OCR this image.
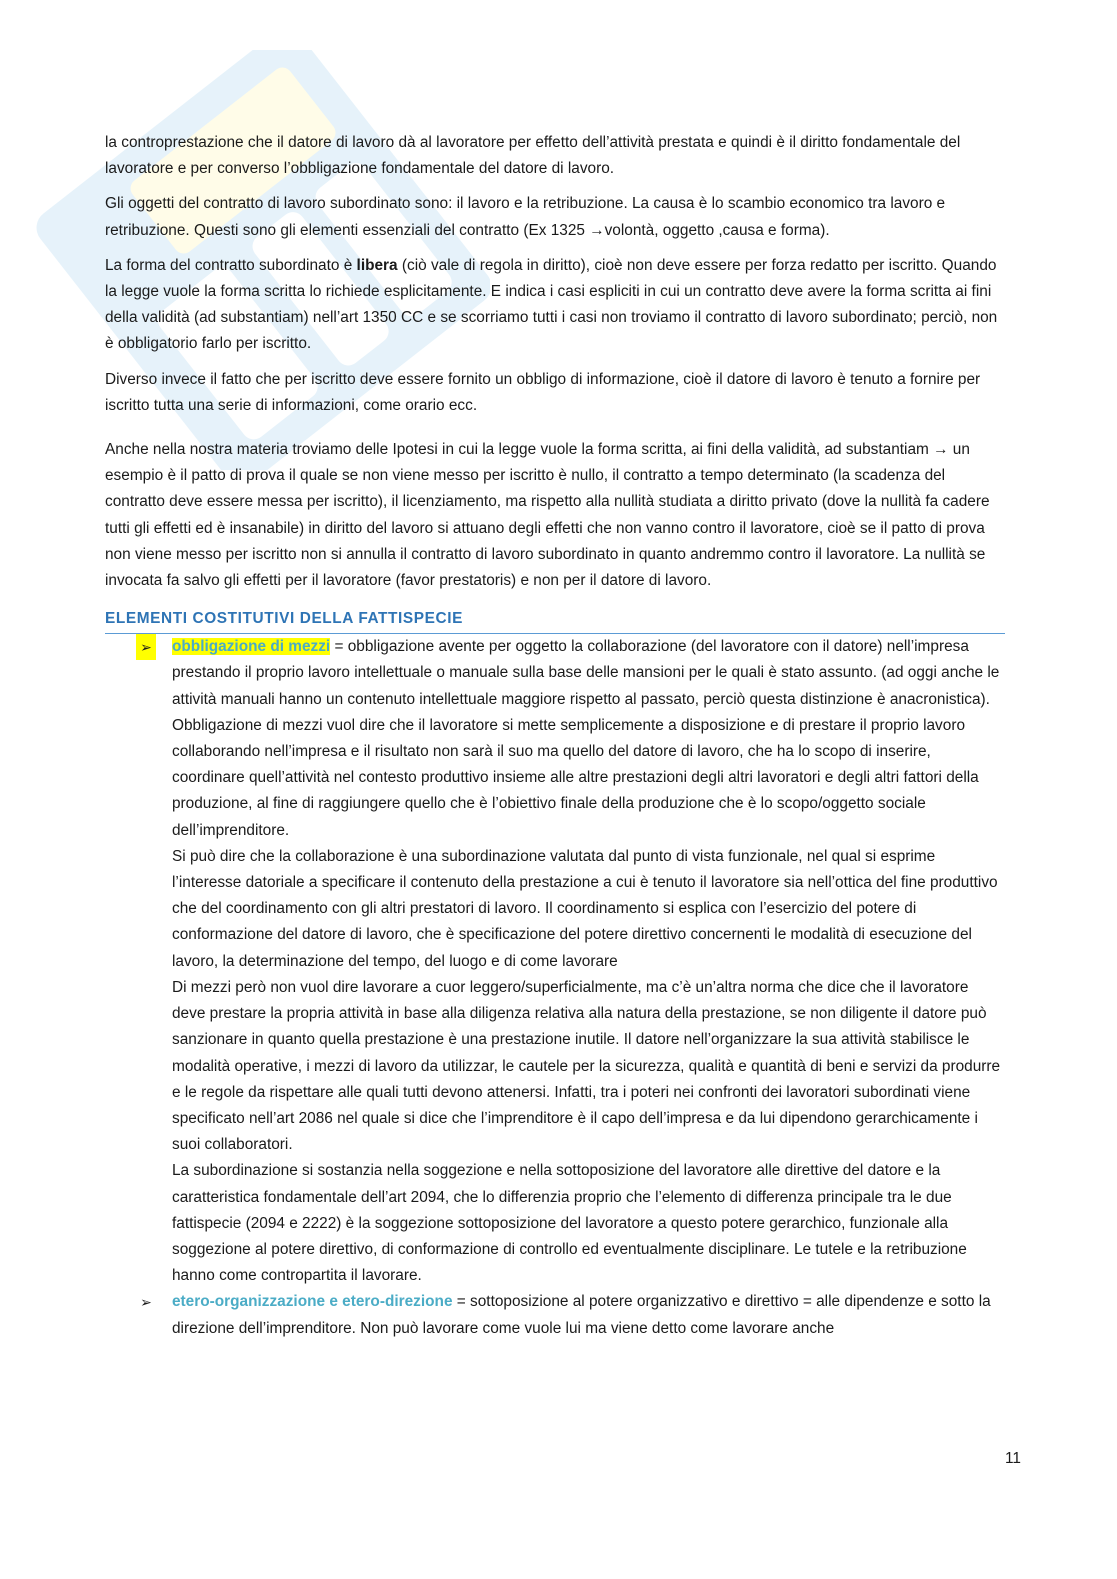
la controprestazione che il datore di lavoro dà al lavoratore per effetto dell’attività prestata e quindi è il diritto fondamentale del lavoratore e per converso l’obbligazione fondamentale del datore di lavoro.

Gli oggetti del contratto di lavoro subordinato sono: il lavoro e la retribuzione. La causa è lo scambio economico tra lavoro e retribuzione. Questi sono gli elementi essenziali del contratto (Ex 1325 →volontà, oggetto ,causa e forma).

La forma del contratto subordinato è libera (ciò vale di regola in diritto), cioè non deve essere per forza redatto per iscritto. Quando la legge vuole la forma scritta lo richiede esplicitamente. E indica i casi espliciti in cui un contratto deve avere la forma scritta ai fini della validità (ad substantiam) nell’art 1350 CC e se scorriamo tutti i casi non troviamo il contratto di lavoro subordinato; perciò, non è obbligatorio farlo per iscritto.

Diverso invece il fatto che per iscritto deve essere fornito un obbligo di informazione, cioè il datore di lavoro è tenuto a fornire per iscritto tutta una serie di informazioni, come orario ecc.

Anche nella nostra materia troviamo delle Ipotesi in cui la legge vuole la forma scritta, ai fini della validità, ad substantiam → un esempio è il patto di prova il quale se non viene messo per iscritto è nullo, il contratto a tempo determinato (la scadenza del contratto deve essere messa per iscritto), il licenziamento, ma rispetto alla nullità studiata a diritto privato (dove la nullità fa cadere tutti gli effetti ed è insanabile) in diritto del lavoro si attuano degli effetti che non vanno contro il lavoratore, cioè se il patto di prova non viene messo per iscritto non si annulla il contratto di lavoro subordinato in quanto andremmo contro il lavoratore. La nullità se invocata fa salvo gli effetti per il lavoratore (favor prestatoris) e non per il datore di lavoro.

ELEMENTI COSTITUTIVI DELLA FATTISPECIE
➢ obbligazione di mezzi = obbligazione avente per oggetto la collaborazione (del lavoratore con il datore) nell’impresa prestando il proprio lavoro intellettuale o manuale sulla base delle mansioni per le quali è stato assunto. (ad oggi anche le attività manuali hanno un contenuto intellettuale maggiore rispetto al passato, perciò questa distinzione è anacronistica).
Obbligazione di mezzi vuol dire che il lavoratore si mette semplicemente a disposizione e di prestare il proprio lavoro collaborando nell’impresa e il risultato non sarà il suo ma quello del datore di lavoro, che ha lo scopo di inserire, coordinare quell’attività nel contesto produttivo insieme alle altre prestazioni degli altri lavoratori e degli altri fattori della produzione, al fine di raggiungere quello che è l’obiettivo finale della produzione che è lo scopo/oggetto sociale dell’imprenditore.
Si può dire che la collaborazione è una subordinazione valutata dal punto di vista funzionale, nel qual si esprime l’interesse datoriale a specificare il contenuto della prestazione a cui è tenuto il lavoratore sia nell’ottica del fine produttivo che del coordinamento con gli altri prestatori di lavoro. Il coordinamento si esplica con l’esercizio del potere di conformazione del datore di lavoro, che è specificazione del potere direttivo concernenti le modalità di esecuzione del lavoro, la determinazione del tempo, del luogo e di come lavorare
Di mezzi però non vuol dire lavorare a cuor leggero/superficialmente, ma c’è un’altra norma che dice che il lavoratore deve prestare la propria attività in base alla diligenza relativa alla natura della prestazione, se non diligente il datore può sanzionare in quanto quella prestazione è una prestazione inutile. Il datore nell’organizzare la sua attività stabilisce le modalità operative, i mezzi di lavoro da utilizzar, le cautele per la sicurezza, qualità e quantità di beni e servizi da produrre e le regole da rispettare alle quali tutti devono attenersi. Infatti, tra i poteri nei confronti dei lavoratori subordinati viene specificato nell’art 2086 nel quale si dice che l’imprenditore è il capo dell’impresa e da lui dipendono gerarchicamente i suoi collaboratori.
La subordinazione si sostanzia nella soggezione e nella sottoposizione del lavoratore alle direttive del datore e la caratteristica fondamentale dell’art 2094, che lo differenzia proprio che l’elemento di differenza principale tra le due fattispecie (2094 e 2222) è la soggezione sottoposizione del lavoratore a questo potere gerarchico, funzionale alla soggezione al potere direttivo, di conformazione di controllo ed eventualmente disciplinare. Le tutele e la retribuzione hanno come contropartita il lavorare.
➢ etero-organizzazione e etero-direzione = sottoposizione al potere organizzativo e direttivo = alle dipendenze e sotto la direzione dell’imprenditore. Non può lavorare come vuole lui ma viene detto come lavorare anche
11
